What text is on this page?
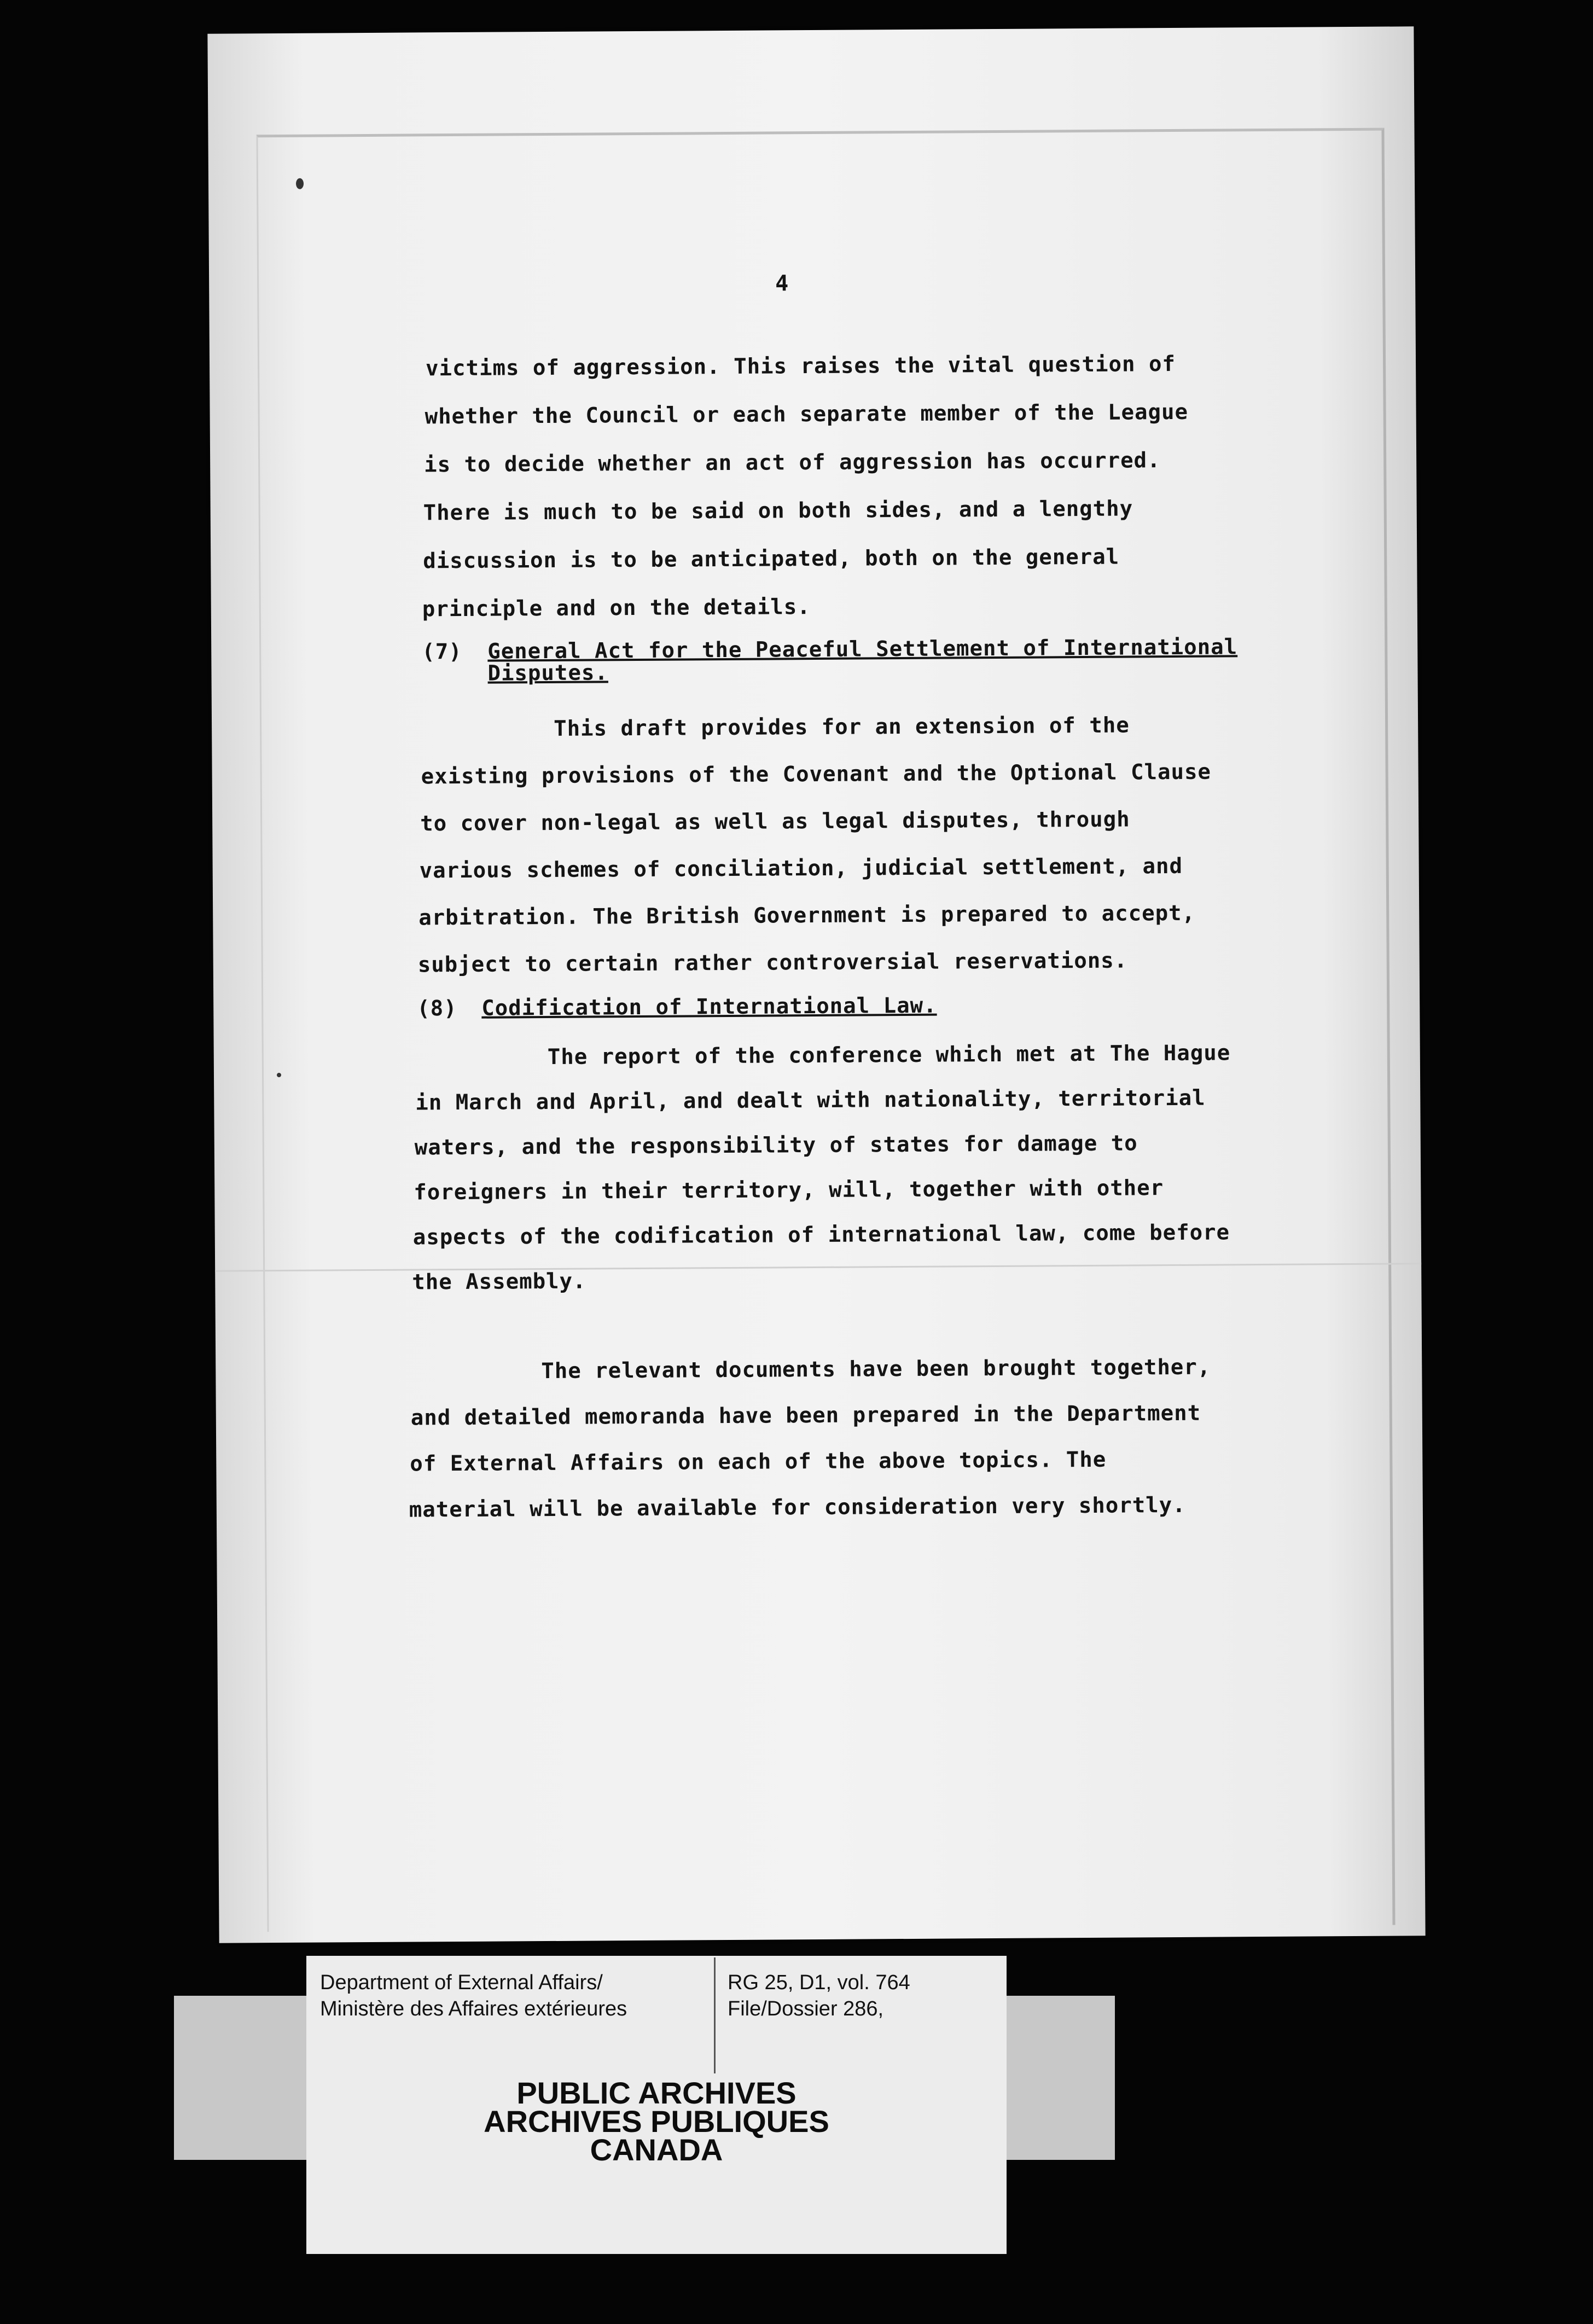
4
victims of aggression. This raises the vital question of
whether the Council or each separate member of the League
is to decide whether an act of aggression has occurred.
There is much to be said on both sides, and a lengthy
discussion is to be anticipated, both on the general
principle and on the details.
(7) General Act for the Peaceful Settlement of International
Disputes.
This draft provides for an extension of the
existing provisions of the Covenant and the Optional Clause
to cover non-legal as well as legal disputes, through
various schemes of conciliation, judicial settlement, and
arbitration. The British Government is prepared to accept,
subject to certain rather controversial reservations.
(8) Codification of International Law.
The report of the conference which met at The Hague
in March and April, and dealt with nationality, territorial
waters, and the responsibility of states for damage to
foreigners in their territory, will, together with other
aspects of the codification of international law, come before
the Assembly.
The relevant documents have been brought together,
and detailed memoranda have been prepared in the Department
of External Affairs on each of the above topics. The
material will be available for consideration very shortly.
Department of External Affairs/
Ministère des Affaires extérieures
RG 25, D1, vol. 764
File/Dossier 286,
PUBLIC ARCHIVES
ARCHIVES PUBLIQUES
CANADA
